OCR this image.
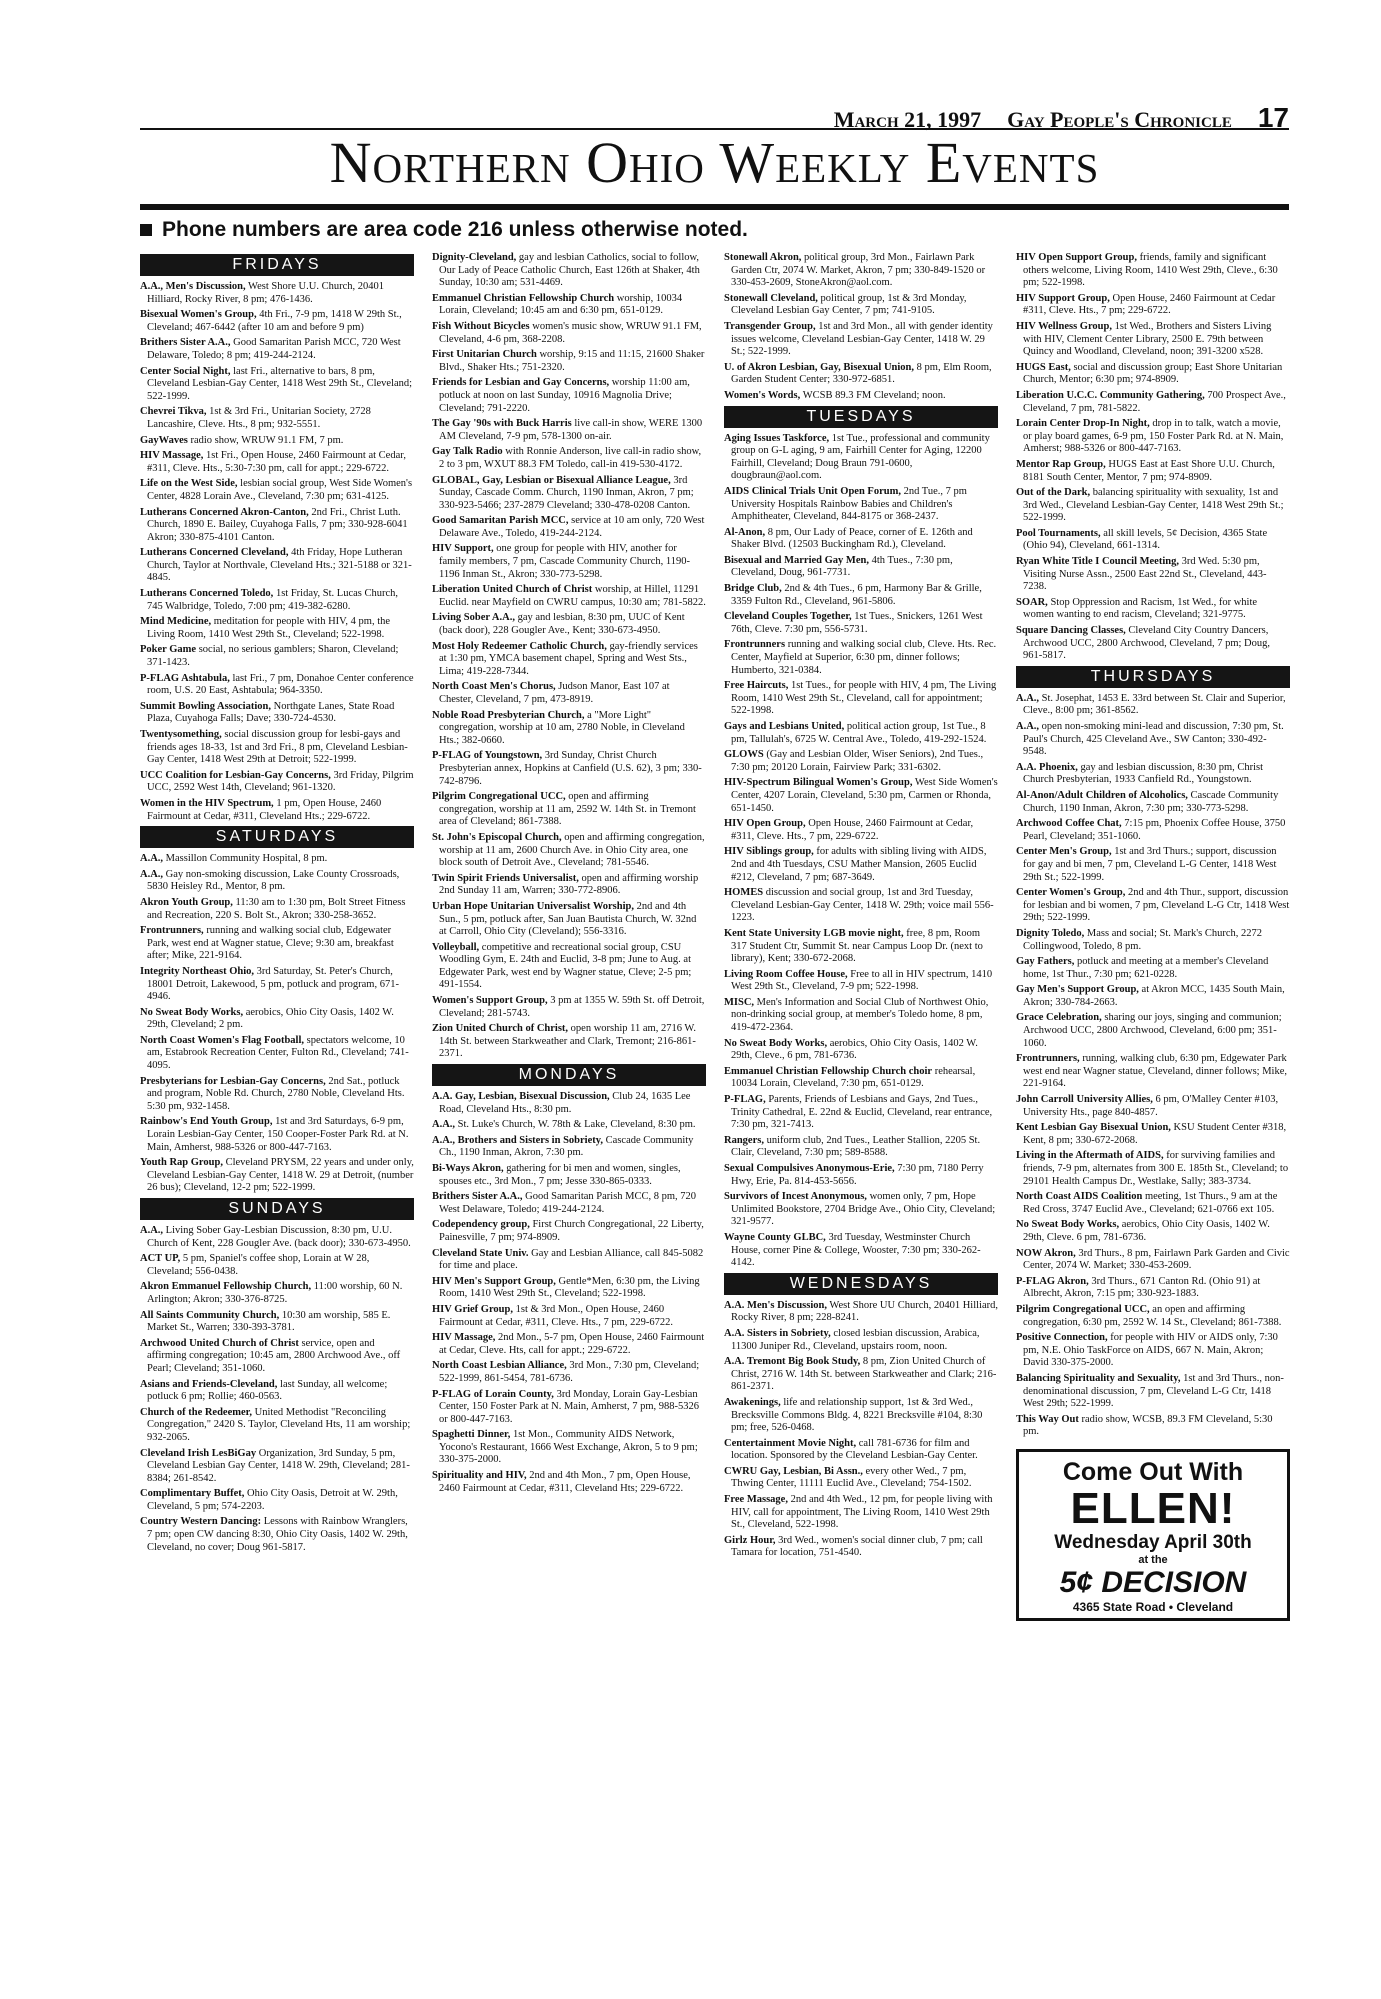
March 21, 1997 Gay People's Chronicle 17
Northern Ohio Weekly Events
Phone numbers are area code 216 unless otherwise noted.
FRIDAYS

A.A., Men's Discussion, West Shore U.U. Church, 20401 Hilliard, Rocky River, 8 pm; 476-1436.

Bisexual Women's Group, 4th Fri., 7-9 pm, 1418 W 29th St., Cleveland; 467-6442 (after 10 am and before 9 pm)

Brithers Sister A.A., Good Samaritan Parish MCC, 720 West Delaware, Toledo; 8 pm; 419-244-2124.

Center Social Night, last Fri., alternative to bars, 8 pm, Cleveland Lesbian-Gay Center, 1418 West 29th St., Cleveland; 522-1999.

Chevrei Tikva, 1st & 3rd Fri., Unitarian Society, 2728 Lancashire, Cleve. Hts., 8 pm; 932-5551.

GayWaves radio show, WRUW 91.1 FM, 7 pm.

HIV Massage, 1st Fri., Open House, 2460 Fairmount at Cedar, #311, Cleve. Hts., 5:30-7:30 pm, call for appt.; 229-6722.

Life on the West Side, lesbian social group, West Side Women's Center, 4828 Lorain Ave., Cleveland, 7:30 pm; 631-4125.

Lutherans Concerned Akron-Canton, 2nd Fri., Christ Luth. Church, 1890 E. Bailey, Cuyahoga Falls, 7 pm; 330-928-6041 Akron; 330-875-4101 Canton.

Lutherans Concerned Cleveland, 4th Friday, Hope Lutheran Church, Taylor at Northvale, Cleveland Hts.; 321-5188 or 321-4845.

Lutherans Concerned Toledo, 1st Friday, St. Lucas Church, 745 Walbridge, Toledo, 7:00 pm; 419-382-6280.

Mind Medicine, meditation for people with HIV, 4 pm, the Living Room, 1410 West 29th St., Cleveland; 522-1998.

Poker Game social, no serious gamblers; Sharon, Cleveland; 371-1423.

P-FLAG Ashtabula, last Fri., 7 pm, Donahoe Center conference room, U.S. 20 East, Ashtabula; 964-3350.

Summit Bowling Association, Northgate Lanes, State Road Plaza, Cuyahoga Falls; Dave; 330-724-4530.

Twentysomething, social discussion group for lesbi-gays and friends ages 18-33, 1st and 3rd Fri., 8 pm, Cleveland Lesbian-Gay Center, 1418 West 29th at Detroit; 522-1999.

UCC Coalition for Lesbian-Gay Concerns, 3rd Friday, Pilgrim UCC, 2592 West 14th, Cleveland; 961-1320.

Women in the HIV Spectrum, 1 pm, Open House, 2460 Fairmount at Cedar, #311, Cleveland Hts.; 229-6722.

SATURDAYS

A.A., Massillon Community Hospital, 8 pm.

A.A., Gay non-smoking discussion, Lake County Crossroads, 5830 Heisley Rd., Mentor, 8 pm.

Akron Youth Group, 11:30 am to 1:30 pm, Bolt Street Fitness and Recreation, 220 S. Bolt St., Akron; 330-258-3652.

Frontrunners, running and walking social club, Edgewater Park, west end at Wagner statue, Cleve; 9:30 am, breakfast after; Mike, 221-9164.

Integrity Northeast Ohio, 3rd Saturday, St. Peter's Church, 18001 Detroit, Lakewood, 5 pm, potluck and program, 671-4946.

No Sweat Body Works, aerobics, Ohio City Oasis, 1402 W. 29th, Cleveland; 2 pm.

North Coast Women's Flag Football, spectators welcome, 10 am, Estabrook Recreation Center, Fulton Rd., Cleveland; 741-4095.

Presbyterians for Lesbian-Gay Concerns, 2nd Sat., potluck and program, Noble Rd. Church, 2780 Noble, Cleveland Hts. 5:30 pm, 932-1458.

Rainbow's End Youth Group, 1st and 3rd Saturdays, 6-9 pm, Lorain Lesbian-Gay Center, 150 Cooper-Foster Park Rd. at N. Main, Amherst, 988-5326 or 800-447-7163.

Youth Rap Group, Cleveland PRYSM, 22 years and under only, Cleveland Lesbian-Gay Center, 1418 W. 29 at Detroit, (number 26 bus); Cleveland, 12-2 pm; 522-1999.

SUNDAYS

A.A., Living Sober Gay-Lesbian Discussion, 8:30 pm, U.U. Church of Kent, 228 Gougler Ave. (back door); 330-673-4950.

ACT UP, 5 pm, Spaniel's coffee shop, Lorain at W 28, Cleveland; 556-0438.

Akron Emmanuel Fellowship Church, 11:00 worship, 60 N. Arlington; Akron; 330-376-8725.

All Saints Community Church, 10:30 am worship, 585 E. Market St., Warren; 330-393-3781.

Archwood United Church of Christ service, open and affirming congregation; 10:45 am, 2800 Archwood Ave., off Pearl; Cleveland; 351-1060.

Asians and Friends-Cleveland, last Sunday, all welcome; potluck 6 pm; Rollie; 460-0563.

Church of the Redeemer, United Methodist "Reconciling Congregation," 2420 S. Taylor, Cleveland Hts, 11 am worship; 932-2065.

Cleveland Irish LesBiGay Organization, 3rd Sunday, 5 pm, Cleveland Lesbian Gay Center, 1418 W. 29th, Cleveland; 281-8384; 261-8542.

Complimentary Buffet, Ohio City Oasis, Detroit at W. 29th, Cleveland, 5 pm; 574-2203.

Country Western Dancing: Lessons with Rainbow Wranglers, 7 pm; open CW dancing 8:30, Ohio City Oasis, 1402 W. 29th, Cleveland, no cover; Doug 961-5817.

Dignity-Cleveland, gay and lesbian Catholics, social to follow, Our Lady of Peace Catholic Church, East 126th at Shaker, 4th Sunday, 10:30 am; 531-4469.

Emmanuel Christian Fellowship Church worship, 10034 Lorain, Cleveland; 10:45 am and 6:30 pm, 651-0129.

Fish Without Bicycles women's music show, WRUW 91.1 FM, Cleveland, 4-6 pm, 368-2208.

First Unitarian Church worship, 9:15 and 11:15, 21600 Shaker Blvd., Shaker Hts.; 751-2320.

Friends for Lesbian and Gay Concerns, worship 11:00 am, potluck at noon on last Sunday, 10916 Magnolia Drive; Cleveland; 791-2220.

The Gay '90s with Buck Harris live call-in show, WERE 1300 AM Cleveland, 7-9 pm, 578-1300 on-air.

Gay Talk Radio with Ronnie Anderson, live call-in radio show, 2 to 3 pm, WXUT 88.3 FM Toledo, call-in 419-530-4172.

GLOBAL, Gay, Lesbian or Bisexual Alliance League, 3rd Sunday, Cascade Comm. Church, 1190 Inman, Akron, 7 pm; 330-923-5466; 237-2879 Cleveland; 330-478-0208 Canton.

Good Samaritan Parish MCC, service at 10 am only, 720 West Delaware Ave., Toledo, 419-244-2124.

HIV Support, one group for people with HIV, another for family members, 7 pm, Cascade Community Church, 1190-1196 Inman St., Akron; 330-773-5298.

Liberation United Church of Christ worship, at Hillel, 11291 Euclid. near Mayfield on CWRU campus, 10:30 am; 781-5822.

Living Sober A.A., gay and lesbian, 8:30 pm, UUC of Kent (back door), 228 Gougler Ave., Kent; 330-673-4950.

Most Holy Redeemer Catholic Church, gay-friendly services at 1:30 pm, YMCA basement chapel, Spring and West Sts., Lima; 419-228-7344.

North Coast Men's Chorus, Judson Manor, East 107 at Chester, Cleveland, 7 pm, 473-8919.

Noble Road Presbyterian Church, a "More Light" congregation, worship at 10 am, 2780 Noble, in Cleveland Hts.; 382-0660.

P-FLAG of Youngstown, 3rd Sunday, Christ Church Presbyterian annex, Hopkins at Canfield (U.S. 62), 3 pm; 330-742-8796.

Pilgrim Congregational UCC, open and affirming congregation, worship at 11 am, 2592 W. 14th St. in Tremont area of Cleveland; 861-7388.

St. John's Episcopal Church, open and affirming congregation, worship at 11 am, 2600 Church Ave. in Ohio City area, one block south of Detroit Ave., Cleveland; 781-5546.

Twin Spirit Friends Universalist, open and affirming worship 2nd Sunday 11 am, Warren; 330-772-8906.

Urban Hope Unitarian Universalist Worship, 2nd and 4th Sun., 5 pm, potluck after, San Juan Bautista Church, W. 32nd at Carroll, Ohio City (Cleveland); 556-3316.

Volleyball, competitive and recreational social group, CSU Woodling Gym, E. 24th and Euclid, 3-8 pm; June to Aug. at Edgewater Park, west end by Wagner statue, Cleve; 2-5 pm; 491-1554.

Women's Support Group, 3 pm at 1355 W. 59th St. off Detroit, Cleveland; 281-5743.

Zion United Church of Christ, open worship 11 am, 2716 W. 14th St. between Starkweather and Clark, Tremont; 216-861-2371.

MONDAYS

A.A. Gay, Lesbian, Bisexual Discussion, Club 24, 1635 Lee Road, Cleveland Hts., 8:30 pm.

A.A., St. Luke's Church, W. 78th & Lake, Cleveland, 8:30 pm.

A.A., Brothers and Sisters in Sobriety, Cascade Community Ch., 1190 Inman, Akron, 7:30 pm.

Bi-Ways Akron, gathering for bi men and women, singles, spouses etc., 3rd Mon., 7 pm; Jesse 330-865-0333.

Brithers Sister A.A., Good Samaritan Parish MCC, 8 pm, 720 West Delaware, Toledo; 419-244-2124.

Codependency group, First Church Congregational, 22 Liberty, Painesville, 7 pm; 974-8909.

Cleveland State Univ. Gay and Lesbian Alliance, call 845-5082 for time and place.

HIV Men's Support Group, Gentle*Men, 6:30 pm, the Living Room, 1410 West 29th St., Cleveland; 522-1998.

HIV Grief Group, 1st & 3rd Mon., Open House, 2460 Fairmount at Cedar, #311, Cleve. Hts., 7 pm, 229-6722.

HIV Massage, 2nd Mon., 5-7 pm, Open House, 2460 Fairmount at Cedar, Cleve. Hts, call for appt.; 229-6722.

North Coast Lesbian Alliance, 3rd Mon., 7:30 pm, Cleveland; 522-1999, 861-5454, 781-6736.

P-FLAG of Lorain County, 3rd Monday, Lorain Gay-Lesbian Center, 150 Foster Park at N. Main, Amherst, 7 pm, 988-5326 or 800-447-7163.

Spaghetti Dinner, 1st Mon., Community AIDS Network, Yocono's Restaurant, 1666 West Exchange, Akron, 5 to 9 pm; 330-375-2000.

Spirituality and HIV, 2nd and 4th Mon., 7 pm, Open House, 2460 Fairmount at Cedar, #311, Cleveland Hts; 229-6722.

Stonewall Akron, political group, 3rd Mon., Fairlawn Park Garden Ctr, 2074 W. Market, Akron, 7 pm; 330-849-1520 or 330-453-2609, StoneAkron@aol.com.

Stonewall Cleveland, political group, 1st & 3rd Monday, Cleveland Lesbian Gay Center, 7 pm; 741-9105.

Transgender Group, 1st and 3rd Mon., all with gender identity issues welcome, Cleveland Lesbian-Gay Center, 1418 W. 29 St.; 522-1999.

U. of Akron Lesbian, Gay, Bisexual Union, 8 pm, Elm Room, Garden Student Center; 330-972-6851.

Women's Words, WCSB 89.3 FM Cleveland; noon.

TUESDAYS

Aging Issues Taskforce, 1st Tue., professional and community group on G-L aging, 9 am, Fairhill Center for Aging, 12200 Fairhill, Cleveland; Doug Braun 791-0600, dougbraun@aol.com.

AIDS Clinical Trials Unit Open Forum, 2nd Tue., 7 pm University Hospitals Rainbow Babies and Children's Amphitheater, Cleveland, 844-8175 or 368-2437.

Al-Anon, 8 pm, Our Lady of Peace, corner of E. 126th and Shaker Blvd. (12503 Buckingham Rd.), Cleveland.

Bisexual and Married Gay Men, 4th Tues., 7:30 pm, Cleveland, Doug, 961-7731.

Bridge Club, 2nd & 4th Tues., 6 pm, Harmony Bar & Grille, 3359 Fulton Rd., Cleveland, 961-5806.

Cleveland Couples Together, 1st Tues., Snickers, 1261 West 76th, Cleve. 7:30 pm, 556-5731.

Frontrunners running and walking social club, Cleve. Hts. Rec. Center, Mayfield at Superior, 6:30 pm, dinner follows; Humberto, 321-0384.

Free Haircuts, 1st Tues., for people with HIV, 4 pm, The Living Room, 1410 West 29th St., Cleveland, call for appointment; 522-1998.

Gays and Lesbians United, political action group, 1st Tue., 8 pm, Tallulah's, 6725 W. Central Ave., Toledo, 419-292-1524.

GLOWS (Gay and Lesbian Older, Wiser Seniors), 2nd Tues., 7:30 pm; 20120 Lorain, Fairview Park; 331-6302.

HIV-Spectrum Bilingual Women's Group, West Side Women's Center, 4207 Lorain, Cleveland, 5:30 pm, Carmen or Rhonda, 651-1450.

HIV Open Group, Open House, 2460 Fairmount at Cedar, #311, Cleve. Hts., 7 pm, 229-6722.

HIV Siblings group, for adults with sibling living with AIDS, 2nd and 4th Tuesdays, CSU Mather Mansion, 2605 Euclid #212, Cleveland, 7 pm; 687-3649.

HOMES discussion and social group, 1st and 3rd Tuesday, Cleveland Lesbian-Gay Center, 1418 W. 29th; voice mail 556-1223.

Kent State University LGB movie night, free, 8 pm, Room 317 Student Ctr, Summit St. near Campus Loop Dr. (next to library), Kent; 330-672-2068.

Living Room Coffee House, Free to all in HIV spectrum, 1410 West 29th St., Cleveland, 7-9 pm; 522-1998.

MISC, Men's Information and Social Club of Northwest Ohio, non-drinking social group, at member's Toledo home, 8 pm, 419-472-2364.

No Sweat Body Works, aerobics, Ohio City Oasis, 1402 W. 29th, Cleve., 6 pm, 781-6736.

Emmanuel Christian Fellowship Church choir rehearsal, 10034 Lorain, Cleveland, 7:30 pm, 651-0129.

P-FLAG, Parents, Friends of Lesbians and Gays, 2nd Tues., Trinity Cathedral, E. 22nd & Euclid, Cleveland, rear entrance, 7:30 pm, 321-7413.

Rangers, uniform club, 2nd Tues., Leather Stallion, 2205 St. Clair, Cleveland, 7:30 pm; 589-8588.

Sexual Compulsives Anonymous-Erie, 7:30 pm, 7180 Perry Hwy, Erie, Pa. 814-453-5656.

Survivors of Incest Anonymous, women only, 7 pm, Hope Unlimited Bookstore, 2704 Bridge Ave., Ohio City, Cleveland; 321-9577.

Wayne County GLBC, 3rd Tuesday, Westminster Church House, corner Pine & College, Wooster, 7:30 pm; 330-262-4142.

WEDNESDAYS

A.A. Men's Discussion, West Shore UU Church, 20401 Hilliard, Rocky River, 8 pm; 228-8241.

A.A. Sisters in Sobriety, closed lesbian discussion, Arabica, 11300 Juniper Rd., Cleveland, upstairs room, noon.

A.A. Tremont Big Book Study, 8 pm, Zion United Church of Christ, 2716 W. 14th St. between Starkweather and Clark; 216-861-2371.

Awakenings, life and relationship support, 1st & 3rd Wed., Brecksville Commons Bldg. 4, 8221 Brecksville #104, 8:30 pm; free, 526-0468.

Centertainment Movie Night, call 781-6736 for film and location. Sponsored by the Cleveland Lesbian-Gay Center.

CWRU Gay, Lesbian, Bi Assn., every other Wed., 7 pm, Thwing Center, 11111 Euclid Ave., Cleveland; 754-1502.

Free Massage, 2nd and 4th Wed., 12 pm, for people living with HIV, call for appointment, The Living Room, 1410 West 29th St., Cleveland, 522-1998.

Girlz Hour, 3rd Wed., women's social dinner club, 7 pm; call Tamara for location, 751-4540.

HIV Open Support Group, friends, family and significant others welcome, Living Room, 1410 West 29th, Cleve., 6:30 pm; 522-1998.

HIV Support Group, Open House, 2460 Fairmount at Cedar #311, Cleve. Hts., 7 pm; 229-6722.

HIV Wellness Group, 1st Wed., Brothers and Sisters Living with HIV, Clement Center Library, 2500 E. 79th between Quincy and Woodland, Cleveland, noon; 391-3200 x528.

HUGS East, social and discussion group; East Shore Unitarian Church, Mentor; 6:30 pm; 974-8909.

Liberation U.C.C. Community Gathering, 700 Prospect Ave., Cleveland, 7 pm, 781-5822.

Lorain Center Drop-In Night, drop in to talk, watch a movie, or play board games, 6-9 pm, 150 Foster Park Rd. at N. Main, Amherst; 988-5326 or 800-447-7163.

Mentor Rap Group, HUGS East at East Shore U.U. Church, 8181 South Center, Mentor, 7 pm; 974-8909.

Out of the Dark, balancing spirituality with sexuality, 1st and 3rd Wed., Cleveland Lesbian-Gay Center, 1418 West 29th St.; 522-1999.

Pool Tournaments, all skill levels, 5¢ Decision, 4365 State (Ohio 94), Cleveland, 661-1314.

Ryan White Title I Council Meeting, 3rd Wed. 5:30 pm, Visiting Nurse Assn., 2500 East 22nd St., Cleveland, 443-7238.

SOAR, Stop Oppression and Racism, 1st Wed., for white women wanting to end racism, Cleveland; 321-9775.

Square Dancing Classes, Cleveland City Country Dancers, Archwood UCC, 2800 Archwood, Cleveland, 7 pm; Doug, 961-5817.

THURSDAYS

A.A., St. Josephat, 1453 E. 33rd between St. Clair and Superior, Cleve., 8:00 pm; 361-8562.

A.A., open non-smoking mini-lead and discussion, 7:30 pm, St. Paul's Church, 425 Cleveland Ave., SW Canton; 330-492-9548.

A.A. Phoenix, gay and lesbian discussion, 8:30 pm, Christ Church Presbyterian, 1933 Canfield Rd., Youngstown.

Al-Anon/Adult Children of Alcoholics, Cascade Community Church, 1190 Inman, Akron, 7:30 pm; 330-773-5298.

Archwood Coffee Chat, 7:15 pm, Phoenix Coffee House, 3750 Pearl, Cleveland; 351-1060.

Center Men's Group, 1st and 3rd Thurs.; support, discussion for gay and bi men, 7 pm, Cleveland L-G Center, 1418 West 29th St.; 522-1999.

Center Women's Group, 2nd and 4th Thur., support, discussion for lesbian and bi women, 7 pm, Cleveland L-G Ctr, 1418 West 29th; 522-1999.

Dignity Toledo, Mass and social; St. Mark's Church, 2272 Collingwood, Toledo, 8 pm.

Gay Fathers, potluck and meeting at a member's Cleveland home, 1st Thur., 7:30 pm; 621-0228.

Gay Men's Support Group, at Akron MCC, 1435 South Main, Akron; 330-784-2663.

Grace Celebration, sharing our joys, singing and communion; Archwood UCC, 2800 Archwood, Cleveland, 6:00 pm; 351-1060.

Frontrunners, running, walking club, 6:30 pm, Edgewater Park west end near Wagner statue, Cleveland, dinner follows; Mike, 221-9164.

John Carroll University Allies, 6 pm, O'Malley Center #103, University Hts., page 840-4857.

Kent Lesbian Gay Bisexual Union, KSU Student Center #318, Kent, 8 pm; 330-672-2068.

Living in the Aftermath of AIDS, for surviving families and friends, 7-9 pm, alternates from 300 E. 185th St., Cleveland; to 29101 Health Campus Dr., Westlake, Sally; 383-3734.

North Coast AIDS Coalition meeting, 1st Thurs., 9 am at the Red Cross, 3747 Euclid Ave., Cleveland; 621-0766 ext 105.

No Sweat Body Works, aerobics, Ohio City Oasis, 1402 W. 29th, Cleve. 6 pm, 781-6736.

NOW Akron, 3rd Thurs., 8 pm, Fairlawn Park Garden and Civic Center, 2074 W. Market; 330-453-2609.

P-FLAG Akron, 3rd Thurs., 671 Canton Rd. (Ohio 91) at Albrecht, Akron, 7:15 pm; 330-923-1883.

Pilgrim Congregational UCC, an open and affirming congregation, 6:30 pm, 2592 W. 14 St., Cleveland; 861-7388.

Positive Connection, for people with HIV or AIDS only, 7:30 pm, N.E. Ohio TaskForce on AIDS, 667 N. Main, Akron; David 330-375-2000.

Balancing Spirituality and Sexuality, 1st and 3rd Thurs., non-denominational discussion, 7 pm, Cleveland L-G Ctr, 1418 West 29th; 522-1999.

This Way Out radio show, WCSB, 89.3 FM Cleveland, 5:30 pm.

Come Out With
ELLEN!
Wednesday April 30th
at the
5¢ DECISION
4365 State Road • Cleveland
